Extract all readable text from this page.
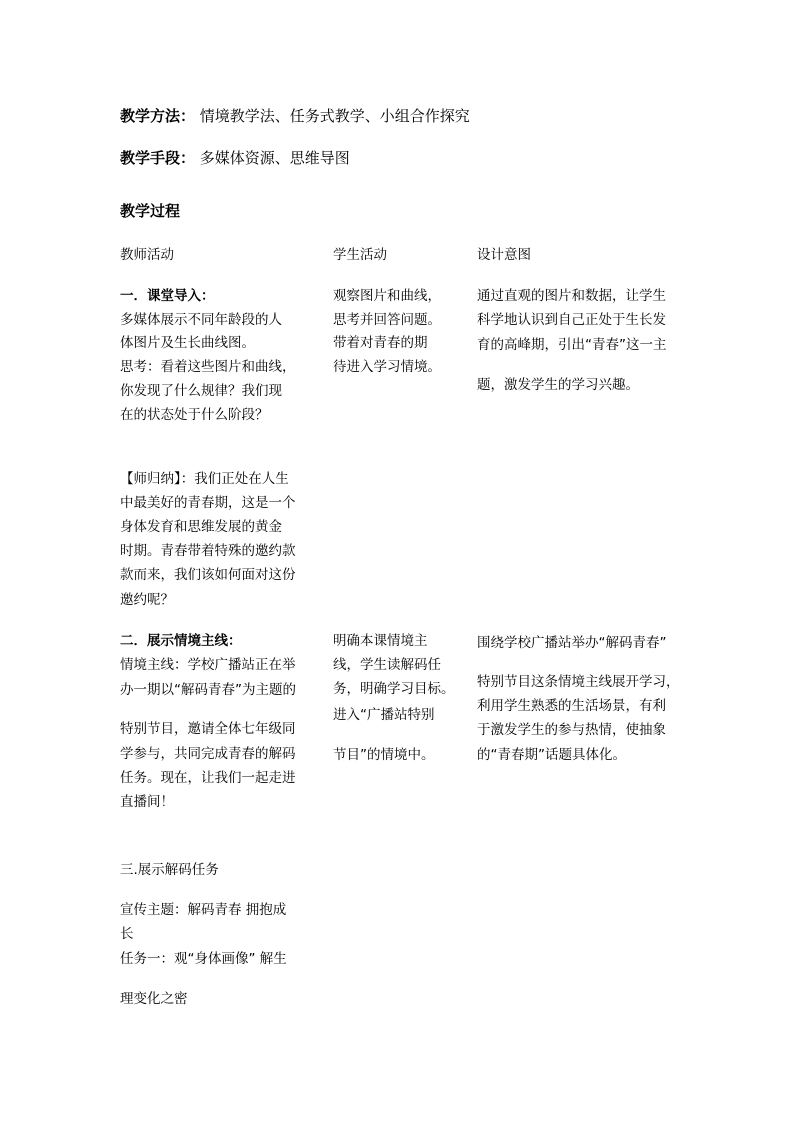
教学方法： 情境教学法、任务式教学、小组合作探究
教学手段： 多媒体资源、思维导图
教学过程
教师活动	学生活动	设计意图
一．课堂导入：
多媒体展示不同年龄段的人
体图片及生长曲线图。
思考：看着这些图片和曲线，
你发现了什么规律？我们现
在的状态处于什么阶段？
【师归纳】：我们正处在人生
中最美好的青春期，这是一个
身体发育和思维发展的黄金
时期。青春带着特殊的邀约款
款而来，我们该如何面对这份
邀约呢？
观察图片和曲线，
思考并回答问题。
带着对青春的期
待进入学习情境。
通过直观的图片和数据，让学生
科学地认识到自己正处于生长发
育的高峰期，引出“青春”这一主
题，激发学生的学习兴趣。
二．展示情境主线：
情境主线：学校广播站正在举
办一期以“解码青春”为主题的
特别节目，邀请全体七年级同
学参与，共同完成青春的解码
任务。现在，让我们一起走进
直播间！
明确本课情境主
线，学生读解码任
务，明确学习目标。
进入“广播站特别
节目”的情境中。
围绕学校广播站举办“解码青春”
特别节目这条情境主线展开学习，
利用学生熟悉的生活场景，有利
于激发学生的参与热情，使抽象
的“青春期”话题具体化。
三.展示解码任务
宣传主题：解码青春 拥抱成
长
任务一：观“身体画像” 解生
理变化之密
